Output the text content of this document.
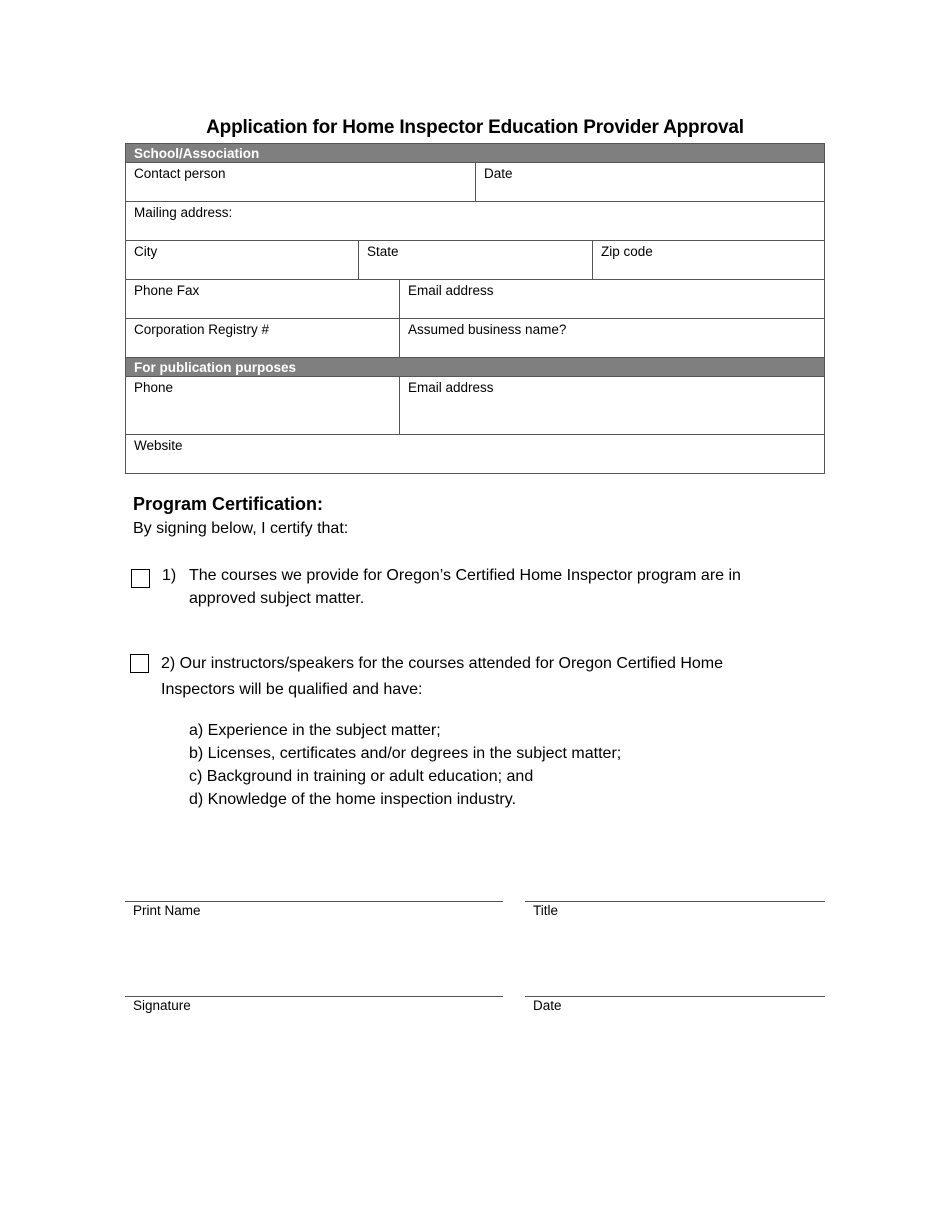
Application for Home Inspector Education Provider Approval
School/Association
Contact person	Date
Mailing address:
City	State	Zip code
Phone Fax	Email address
Corporation Registry #	Assumed business name?
For publication purposes
Phone	Email address
Website
Program Certification:
By signing below, I certify that:
1) The courses we provide for Oregon’s Certified Home Inspector program are in approved subject matter.
2) Our instructors/speakers for the courses attended for Oregon Certified Home Inspectors will be qualified and have:
a) Experience in the subject matter;
b) Licenses, certificates and/or degrees in the subject matter;
c) Background in training or adult education; and
d) Knowledge of the home inspection industry.
Print Name	Title
Signature	Date
